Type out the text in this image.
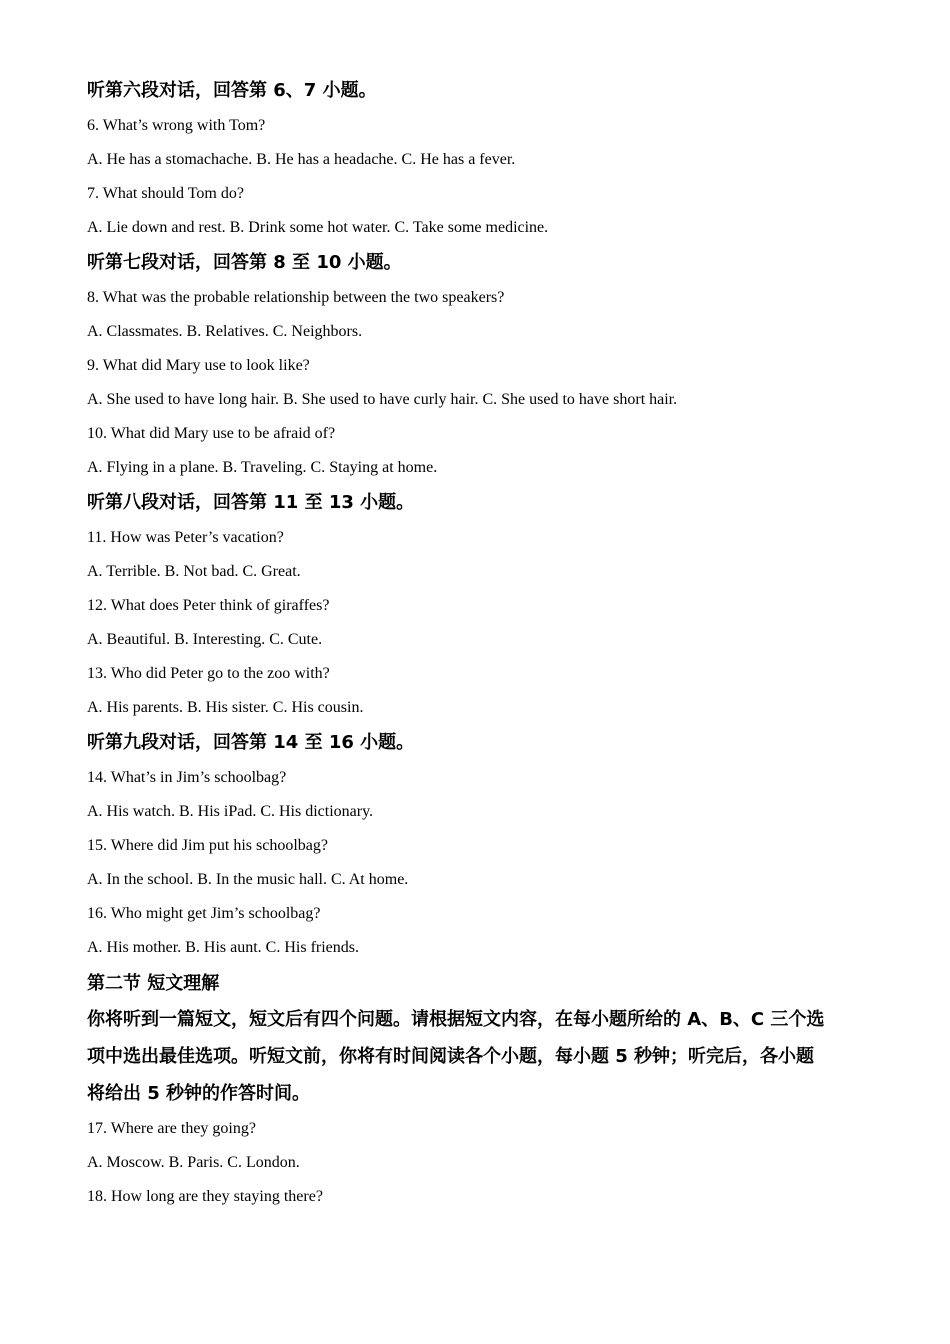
听第六段对话，回答第 6、7 小题。
6. What’s wrong with Tom?
A. He has a stomachache. B. He has a headache. C. He has a fever.
7. What should Tom do?
A. Lie down and rest. B. Drink some hot water. C. Take some medicine.
听第七段对话，回答第 8 至 10 小题。
8. What was the probable relationship between the two speakers?
A. Classmates. B. Relatives. C. Neighbors.
9. What did Mary use to look like?
A. She used to have long hair. B. She used to have curly hair. C. She used to have short hair.
10. What did Mary use to be afraid of?
A. Flying in a plane. B. Traveling. C. Staying at home.
听第八段对话，回答第 11 至 13 小题。
11. How was Peter’s vacation?
A. Terrible. B. Not bad. C. Great.
12. What does Peter think of giraffes?
A. Beautiful. B. Interesting. C. Cute.
13. Who did Peter go to the zoo with?
A. His parents. B. His sister. C. His cousin.
听第九段对话，回答第 14 至 16 小题。
14. What’s in Jim’s schoolbag?
A. His watch. B. His iPad. C. His dictionary.
15. Where did Jim put his schoolbag?
A. In the school. B. In the music hall. C. At home.
16. Who might get Jim’s schoolbag?
A. His mother. B. His aunt. C. His friends.
第二节 短文理解
你将听到一篇短文，短文后有四个问题。请根据短文内容，在每小题所给的 A、B、C 三个选
项中选出最佳选项。听短文前，你将有时间阅读各个小题，每小题 5 秒钟；听完后，各小题
将给出 5 秒钟的作答时间。
17. Where are they going?
A. Moscow. B. Paris. C. London.
18. How long are they staying there?
